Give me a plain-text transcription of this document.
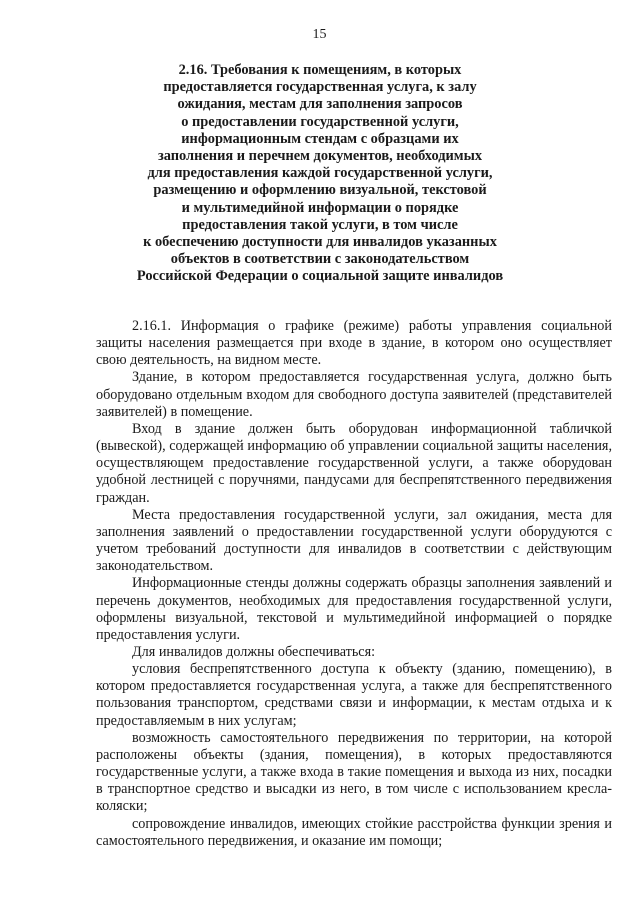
15
2.16. Требования к помещениям, в которых
предоставляется государственная услуга, к залу
ожидания, местам для заполнения запросов
о предоставлении государственной услуги,
информационным стендам с образцами их
заполнения и перечнем документов, необходимых
для предоставления каждой государственной услуги,
размещению и оформлению визуальной, текстовой
и мультимедийной информации о порядке
предоставления такой услуги, в том числе
к обеспечению доступности для инвалидов указанных
объектов в соответствии с законодательством
Российской Федерации о социальной защите инвалидов

2.16.1. Информация о графике (режиме) работы управления социальной защиты населения размещается при входе в здание, в котором оно осуществляет свою деятельность, на видном месте.

Здание, в котором предоставляется государственная услуга, должно быть оборудовано отдельным входом для свободного доступа заявителей (представителей заявителей) в помещение.

Вход в здание должен быть оборудован информационной табличкой (вывеской), содержащей информацию об управлении социальной защиты населения, осуществляющем предоставление государственной услуги, а также оборудован удобной лестницей с поручнями, пандусами для беспрепятственного передвижения граждан.

Места предоставления государственной услуги, зал ожидания, места для заполнения заявлений о предоставлении государственной услуги оборудуются с учетом требований доступности для инвалидов в соответствии с действующим законодательством.

Информационные стенды должны содержать образцы заполнения заявлений и перечень документов, необходимых для предоставления государственной услуги, оформлены визуальной, текстовой и мультимедийной информацией о порядке предоставления услуги.

Для инвалидов должны обеспечиваться:

условия беспрепятственного доступа к объекту (зданию, помещению), в котором предоставляется государственная услуга, а также для беспрепятственного пользования транспортом, средствами связи и информации, к местам отдыха и к предоставляемым в них услугам;

возможность самостоятельного передвижения по территории, на которой расположены объекты (здания, помещения), в которых предоставляются государственные услуги, а также входа в такие помещения и выхода из них, посадки в транспортное средство и высадки из него, в том числе с использованием кресла-коляски;

сопровождение инвалидов, имеющих стойкие расстройства функции зрения и самостоятельного передвижения, и оказание им помощи;
